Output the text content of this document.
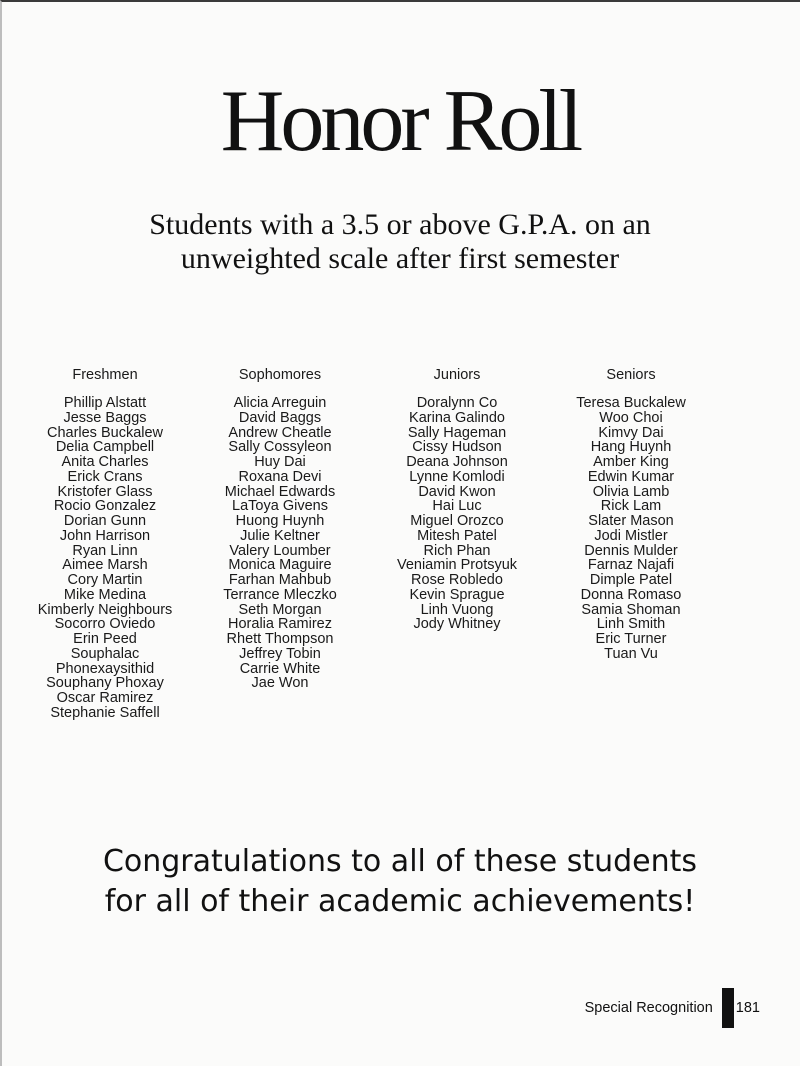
Honor Roll
Students with a 3.5 or above G.P.A. on an unweighted scale after first semester
Freshmen
Phillip Alstatt
Jesse Baggs
Charles Buckalew
Delia Campbell
Anita Charles
Erick Crans
Kristofer Glass
Rocio Gonzalez
Dorian Gunn
John Harrison
Ryan Linn
Aimee Marsh
Cory Martin
Mike Medina
Kimberly Neighbours
Socorro Oviedo
Erin Peed
Souphalac
Phonexaysithid
Souphany Phoxay
Oscar Ramirez
Stephanie Saffell
Sophomores
Alicia Arreguin
David Baggs
Andrew Cheatle
Sally Cossyleon
Huy Dai
Roxana Devi
Michael Edwards
LaToya Givens
Huong Huynh
Julie Keltner
Valery Loumber
Monica Maguire
Farhan Mahbub
Terrance Mleczko
Seth Morgan
Horalia Ramirez
Rhett Thompson
Jeffrey Tobin
Carrie White
Jae Won
Juniors
Doralynn Co
Karina Galindo
Sally Hageman
Cissy Hudson
Deana Johnson
Lynne Komlodi
David Kwon
Hai Luc
Miguel Orozco
Mitesh Patel
Rich Phan
Veniamin Protsyuk
Rose Robledo
Kevin Sprague
Linh Vuong
Jody Whitney
Seniors
Teresa Buckalew
Woo Choi
Kimvy Dai
Hang Huynh
Amber King
Edwin Kumar
Olivia Lamb
Rick Lam
Slater Mason
Jodi Mistler
Dennis Mulder
Farnaz Najafi
Dimple Patel
Donna Romaso
Samia Shoman
Linh Smith
Eric Turner
Tuan Vu
Congratulations to all of these students for all of their academic achievements!
Special Recognition 181
